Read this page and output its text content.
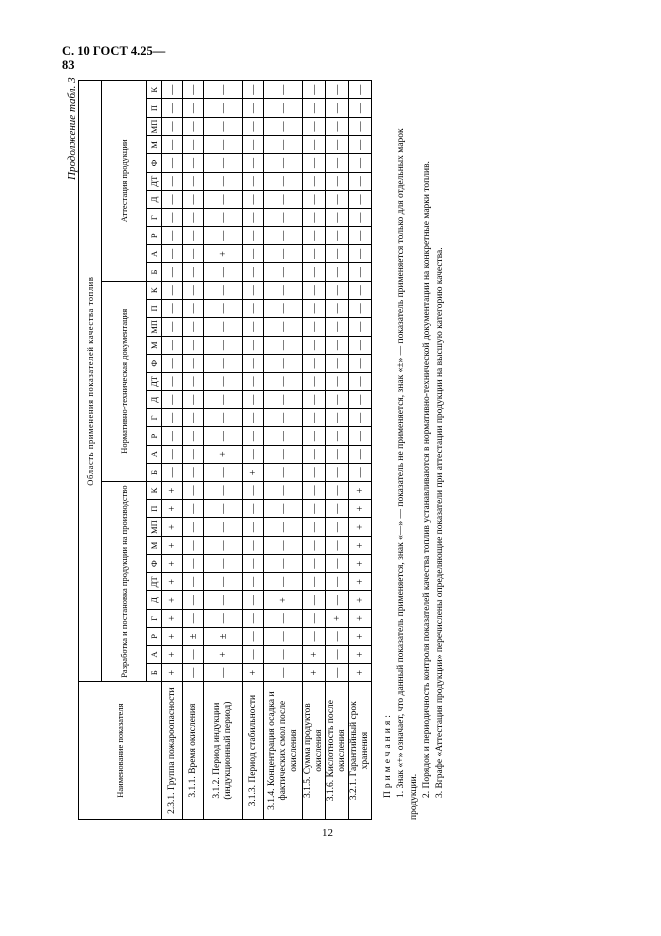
С. 10 ГОСТ 4.25—
83
Продолжение табл. 3
Наименование показателя	Область применения показателей качества топлив																																
	Разработка и постановка продукции на производство											Нормативно-техническая документация											Аттестация продукции										

	Б	А	Р	Г	Д	ДТ	Ф	М	МП	П	К	Б	А	Р	Г	Д	ДТ	Ф	М	МП	П	К	Б	А	Р	Г	Д	ДТ	Ф	М	МП	П	К
2.3.1. Группа пожароопасности	+	+	+	+	+	+	+	+	+	+	+	—	—	—	—	—	—	—	—	—	—	—	—	—	—	—	—	—	—	—	—	—	—
3.1.1. Время окисления	—	—	±	—	—	—	—	—	—	—	—	—	—	—	—	—	—	—	—	—	—	—	—	—	—	—	—	—	—	—	—	—	—
3.1.2. Период индукции (индукционный период)	—	+	±	—	—	—	—	—	—	—	—	—	+	—	—	—	—	—	—	—	—	—	—	+	—	—	—	—	—	—	—	—	—
3.1.3. Период стабильности	+	—	—	—	—	—	—	—	—	—	—	+	—	—	—	—	—	—	—	—	—	—	—	—	—	—	—	—	—	—	—	—	—
3.1.4. Концентрация осадка и фактических смол после окисления	—	—	—	—	+	—	—	—	—	—	—	—	—	—	—	—	—	—	—	—	—	—	—	—	—	—	—	—	—	—	—	—	—
3.1.5. Сумма продуктов окисления	+	+	—	—	—	—	—	—	—	—	—	—	—	—	—	—	—	—	—	—	—	—	—	—	—	—	—	—	—	—	—	—	—
3.1.6. Кислотность после окисления	—	—	—	+	—	—	—	—	—	—	—	—	—	—	—	—	—	—	—	—	—	—	—	—	—	—	—	—	—	—	—	—	—
3.2.1. Гарантийный срок хранения	+	+	+	+	+	+	+	+	+	+	+	—	—	—	—	—	—	—	—	—	—	—	—	—	—	—	—	—	—	—	—	—	—

Примечания: 1. Знак «+» означает, что данный показатель применяется, знак «—» — показатель не применяется, знак «±» — показатель применяется только для отдельных марок продукции. 2. Порядок и периодичность контроля показателей качества топлив устанавливаются в нормативно-технической документации на конкретные марки топлив. 3. Вграфе «Аттестация продукции» перечислены определяющие показатели при аттестации продукции на высшую категорию качества.

12
